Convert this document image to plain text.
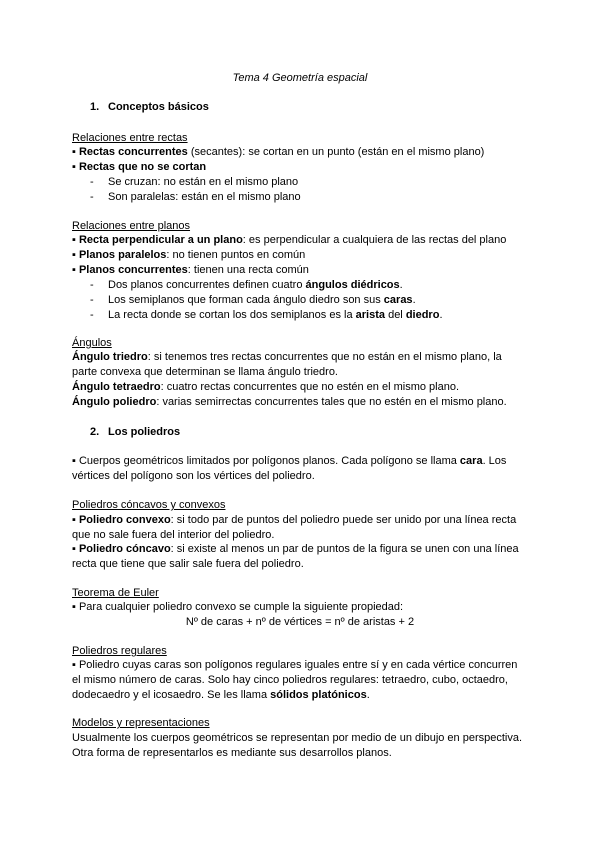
Tema 4 Geometría espacial
1. Conceptos básicos
Relaciones entre rectas
▪ Rectas concurrentes (secantes): se cortan en un punto (están en el mismo plano)
▪ Rectas que no se cortan
- Se cruzan: no están en el mismo plano
- Son paralelas: están en el mismo plano
Relaciones entre planos
▪ Recta perpendicular a un plano: es perpendicular a cualquiera de las rectas del plano
▪ Planos paralelos: no tienen puntos en común
▪ Planos concurrentes: tienen una recta común
- Dos planos concurrentes definen cuatro ángulos diédricos.
- Los semiplanos que forman cada ángulo diedro son sus caras.
- La recta donde se cortan los dos semiplanos es la arista del diedro.
Ángulos
Ángulo triedro: si tenemos tres rectas concurrentes que no están en el mismo plano, la
parte convexa que determinan se llama ángulo triedro.
Ángulo tetraedro: cuatro rectas concurrentes que no estén en el mismo plano.
Ángulo poliedro: varias semirrectas concurrentes tales que no estén en el mismo plano.
2. Los poliedros
▪ Cuerpos geométricos limitados por polígonos planos. Cada polígono se llama cara. Los
vértices del polígono son los vértices del poliedro.
Poliedros cóncavos y convexos
▪ Poliedro convexo: si todo par de puntos del poliedro puede ser unido por una línea recta
que no sale fuera del interior del poliedro.
▪ Poliedro cóncavo: si existe al menos un par de puntos de la figura se unen con una línea
recta que tiene que salir sale fuera del poliedro.
Teorema de Euler
▪ Para cualquier poliedro convexo se cumple la siguiente propiedad:
Nº de caras + nº de vértices = nº de aristas + 2
Poliedros regulares
▪ Poliedro cuyas caras son polígonos regulares iguales entre sí y en cada vértice concurren
el mismo número de caras. Solo hay cinco poliedros regulares: tetraedro, cubo, octaedro,
dodecaedro y el icosaedro. Se les llama sólidos platónicos.
Modelos y representaciones
Usualmente los cuerpos geométricos se representan por medio de un dibujo en perspectiva.
Otra forma de representarlos es mediante sus desarrollos planos.
